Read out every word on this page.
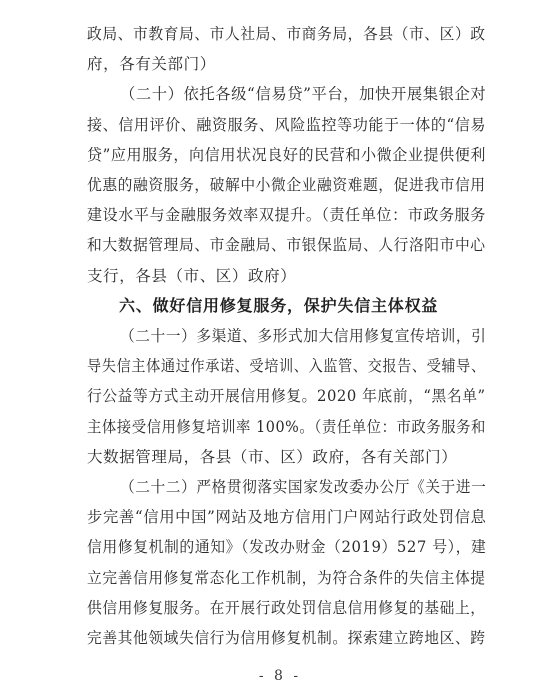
政局、市教育局、市人社局、市商务局，各县（市、区）政
府，各有关部门）
（二十）依托各级“信易贷”平台，加快开展集银企对
接、信用评价、融资服务、风险监控等功能于一体的“信易
贷”应用服务，向信用状况良好的民营和小微企业提供便利
优惠的融资服务，破解中小微企业融资难题，促进我市信用
建设水平与金融服务效率双提升。（责任单位：市政务服务
和大数据管理局、市金融局、市银保监局、人行洛阳市中心
支行，各县（市、区）政府）
六、做好信用修复服务，保护失信主体权益
（二十一）多渠道、多形式加大信用修复宣传培训，引
导失信主体通过作承诺、受培训、入监管、交报告、受辅导、
行公益等方式主动开展信用修复。2020 年底前，“黑名单”
主体接受信用修复培训率 100%。（责任单位：市政务服务和
大数据管理局，各县（市、区）政府，各有关部门）
（二十二）严格贯彻落实国家发改委办公厅《关于进一
步完善“信用中国”网站及地方信用门户网站行政处罚信息
信用修复机制的通知》（发改办财金（2019）527 号），建
立完善信用修复常态化工作机制，为符合条件的失信主体提
供信用修复服务。在开展行政处罚信息信用修复的基础上，
完善其他领域失信行为信用修复机制。探索建立跨地区、跨
- 8 -
